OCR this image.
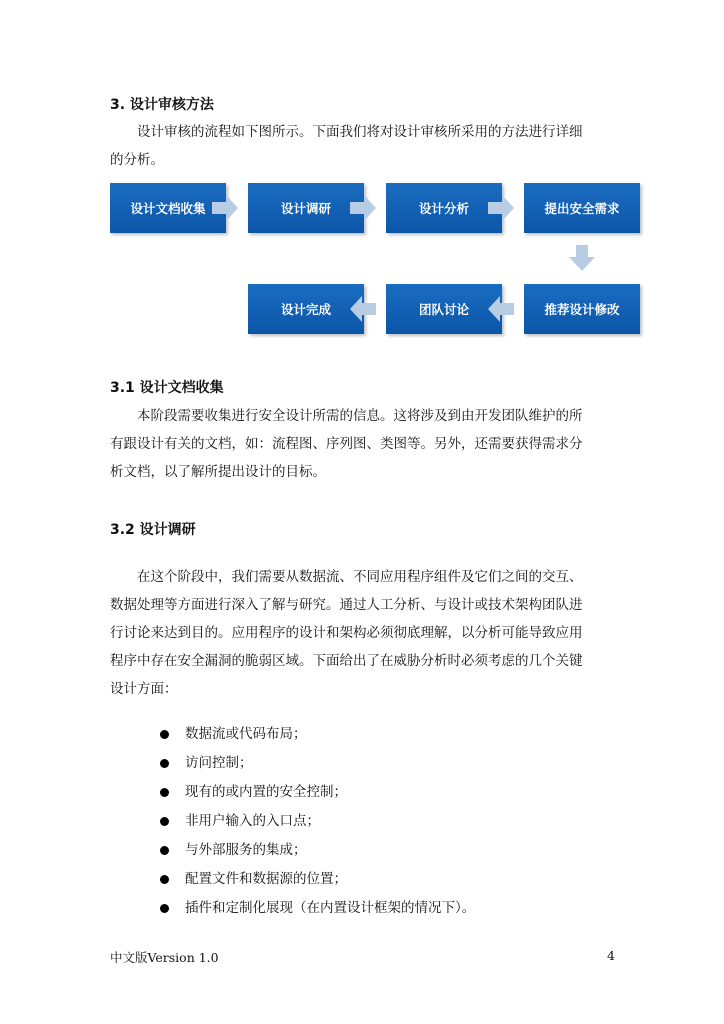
3. 设计审核方法
设计审核的流程如下图所示。下面我们将对设计审核所采用的方法进行详细
的分析。
设计文档收集	设计调研	设计分析	提出安全需求
推荐设计修改
团队讨论
设计完成
3.1 设计文档收集
本阶段需要收集进行安全设计所需的信息。这将涉及到由开发团队维护的所
有跟设计有关的文档，如：流程图、序列图、类图等。另外，还需要获得需求分
析文档，以了解所提出设计的目标。
3.2 设计调研
在这个阶段中，我们需要从数据流、不同应用程序组件及它们之间的交互、
数据处理等方面进行深入了解与研究。通过人工分析、与设计或技术架构团队进
行讨论来达到目的。应用程序的设计和架构必须彻底理解，以分析可能导致应用
程序中存在安全漏洞的脆弱区域。下面给出了在威胁分析时必须考虑的几个关键
设计方面：
数据流或代码布局；
访问控制；
现有的或内置的安全控制；
非用户输入的入口点；
与外部服务的集成；
配置文件和数据源的位置；
插件和定制化展现（在内置设计框架的情况下）。
中文版Version 1.0	4
